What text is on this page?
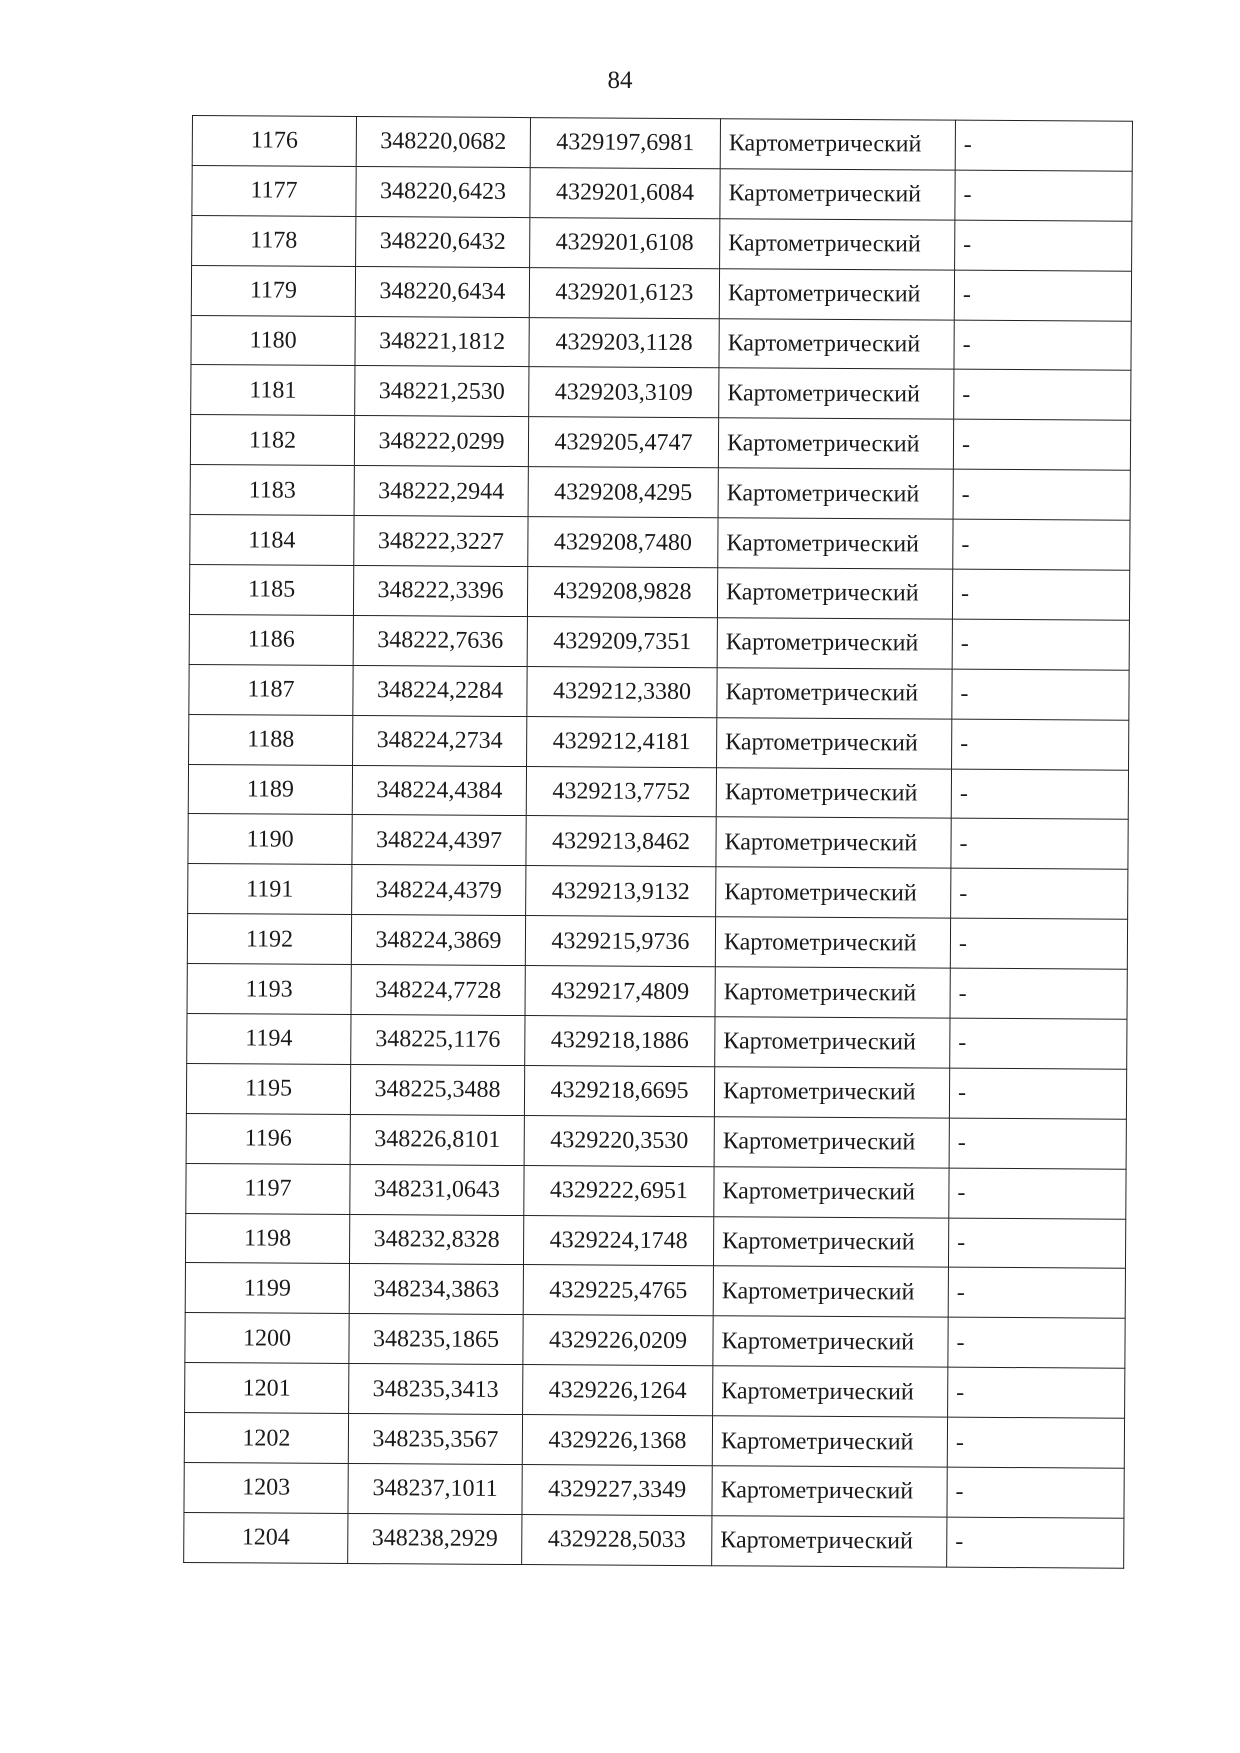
84
1176	348220,0682	4329197,6981	Картометрический	-
1177	348220,6423	4329201,6084	Картометрический	-
1178	348220,6432	4329201,6108	Картометрический	-
1179	348220,6434	4329201,6123	Картометрический	-
1180	348221,1812	4329203,1128	Картометрический	-
1181	348221,2530	4329203,3109	Картометрический	-
1182	348222,0299	4329205,4747	Картометрический	-
1183	348222,2944	4329208,4295	Картометрический	-
1184	348222,3227	4329208,7480	Картометрический	-
1185	348222,3396	4329208,9828	Картометрический	-
1186	348222,7636	4329209,7351	Картометрический	-
1187	348224,2284	4329212,3380	Картометрический	-
1188	348224,2734	4329212,4181	Картометрический	-
1189	348224,4384	4329213,7752	Картометрический	-
1190	348224,4397	4329213,8462	Картометрический	-
1191	348224,4379	4329213,9132	Картометрический	-
1192	348224,3869	4329215,9736	Картометрический	-
1193	348224,7728	4329217,4809	Картометрический	-
1194	348225,1176	4329218,1886	Картометрический	-
1195	348225,3488	4329218,6695	Картометрический	-
1196	348226,8101	4329220,3530	Картометрический	-
1197	348231,0643	4329222,6951	Картометрический	-
1198	348232,8328	4329224,1748	Картометрический	-
1199	348234,3863	4329225,4765	Картометрический	-
1200	348235,1865	4329226,0209	Картометрический	-
1201	348235,3413	4329226,1264	Картометрический	-
1202	348235,3567	4329226,1368	Картометрический	-
1203	348237,1011	4329227,3349	Картометрический	-
1204	348238,2929	4329228,5033	Картометрический	-
